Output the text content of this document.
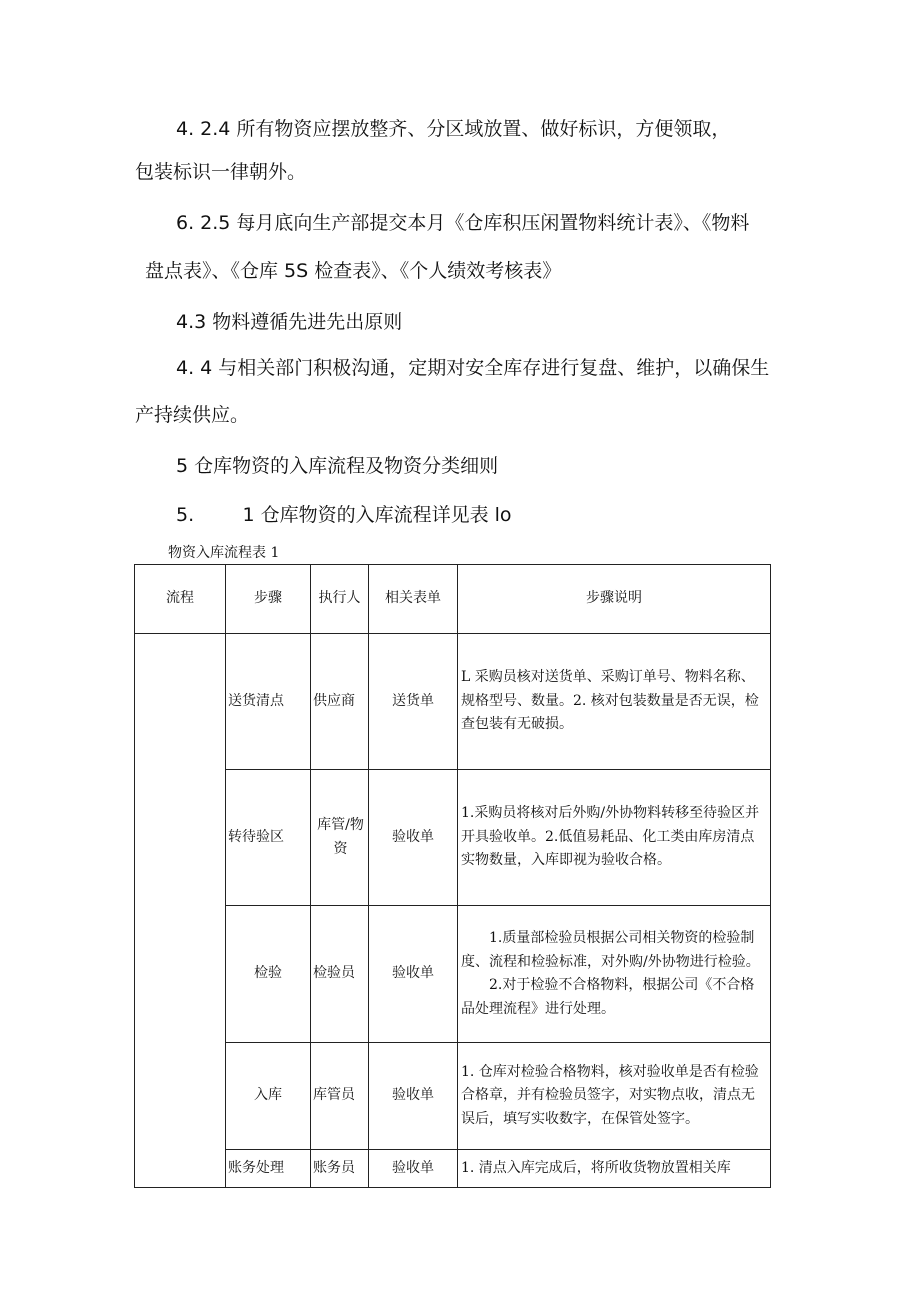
4. 2.4 所有物资应摆放整齐、分区域放置、做好标识，方便领取，

包装标识一律朝外。

6. 2.5 每月底向生产部提交本月《仓库积压闲置物料统计表》、《物料

盘点表》、《仓库 5S 检查表》、《个人绩效考核表》

4.3 物料遵循先进先出原则

4. 4 与相关部门积极沟通，定期对安全库存进行复盘、维护，以确保生

产持续供应。

5 仓库物资的入库流程及物资分类细则

5.        1 仓库物资的入库流程详见表 lo

物资入库流程表 1
流程	步骤	执行人	相关表单	步骤说明
	送货清点	供应商	送货单	L 采购员核对送货单、采购订单号、物料名称、规格型号、数量。2. 核对包装数量是否无误，检查包装有无破损。

	转待验区	库管/物资	验收单	1.采购员将核对后外购/外协物料转移至待验区并开具验收单。2.低值易耗品、化工类由库房清点实物数量，入库即视为验收合格。

	检验	检验员	验收单	1.质量部检验员根据公司相关物资的检验制度、流程和检验标准，对外购/外协物进行检验。
2.对于检验不合格物料，根据公司《不合格品处理流程》进行处理。

	入库	库管员	验收单	1. 仓库对检验合格物料，核对验收单是否有检验合格章，并有检验员签字，对实物点收，清点无误后，填写实收数字，在保管处签字。

	账务处理	账务员	验收单	1. 清点入库完成后，将所收货物放置相关库
